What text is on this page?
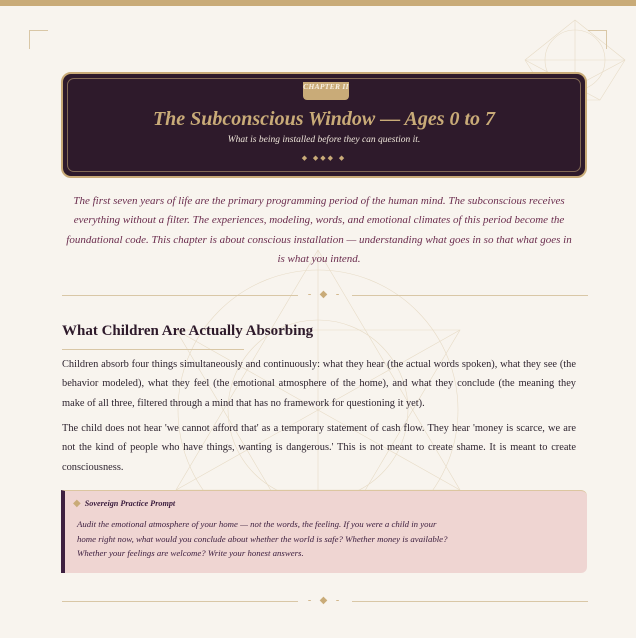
CHAPTER II
The Subconscious Window — Ages 0 to 7
What is being installed before they can question it.
◆ ◆◆◆ ◆

The first seven years of life are the primary programming period of the human mind. The subconscious receives everything without a filter. The experiences, modeling, words, and emotional climates of this period become the foundational code. This chapter is about conscious installation — understanding what goes in so that what goes in is what you intend.

- ◆ -
What Children Are Actually Absorbing

Children absorb four things simultaneously and continuously: what they hear (the actual words spoken), what they see (the behavior modeled), what they feel (the emotional atmosphere of the home), and what they conclude (the meaning they make of all three, filtered through a mind that has no framework for questioning it yet).

The child does not hear 'we cannot afford that' as a temporary statement of cash flow. They hear 'money is scarce, we are not the kind of people who have things, wanting is dangerous.' This is not meant to create shame. It is meant to create consciousness.

◆ Sovereign Practice Prompt

Audit the emotional atmosphere of your home — not the words, the feeling. If you were a child in your home right now, what would you conclude about whether the world is safe? Whether money is available? Whether your feelings are welcome? Write your honest answers.

- ◆ -
